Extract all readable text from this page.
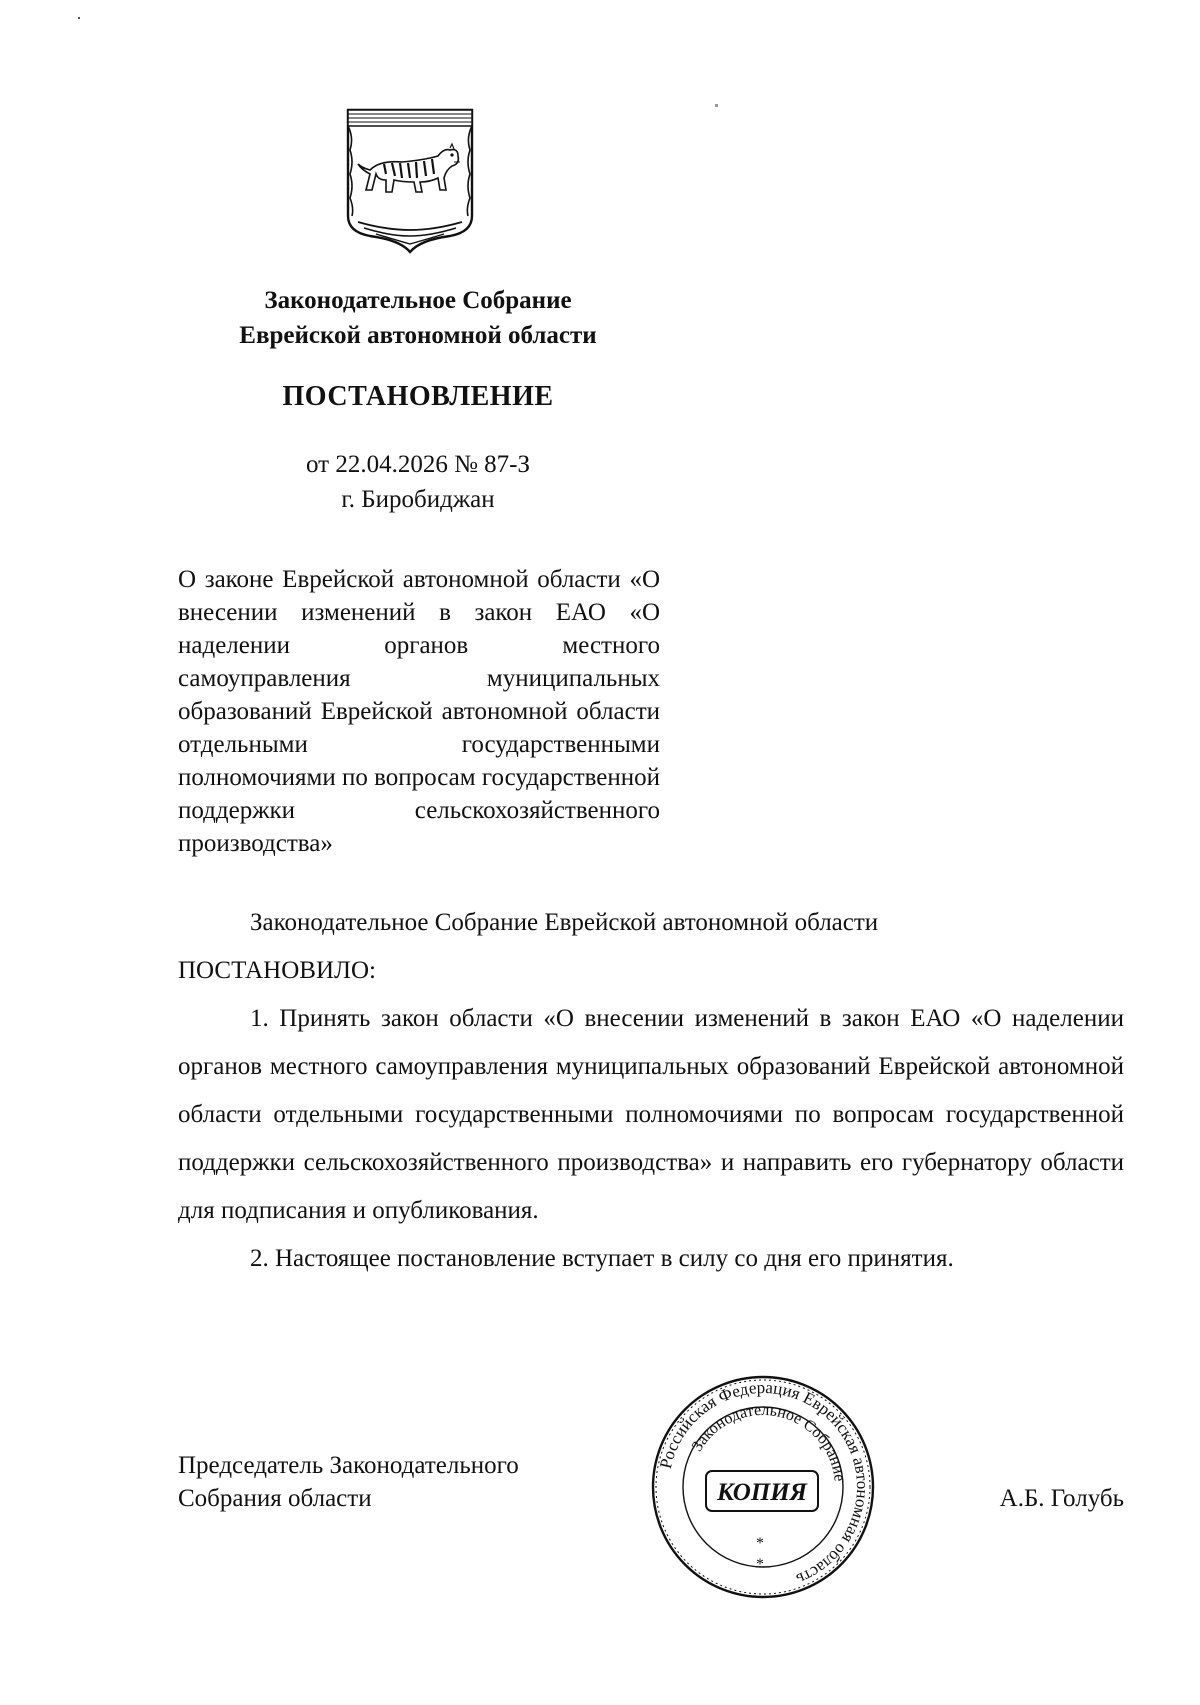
Законодательное Собрание
Еврейской автономной области
ПОСТАНОВЛЕНИЕ
от 22.04.2026 № 87-З
г. Биробиджан
О законе Еврейской автономной области «О внесении изменений в закон ЕАО «О наделении органов местного самоуправления муниципальных образований Еврейской автономной области отдельными государственными полномочиями по вопросам государственной поддержки сельскохозяйственного производства»

Законодательное Собрание Еврейской автономной области

ПОСТАНОВИЛО:

1. Принять закон области «О внесении изменений в закон ЕАО «О наделении органов местного самоуправления муниципальных образований Еврейской автономной области отдельными государственными полномочиями по вопросам государственной поддержки сельскохозяйственного производства» и направить его губернатору области для подписания и опубликования.

2. Настоящее постановление вступает в силу со дня его принятия.

Председатель Законодательного
Собрания области	А.Б. Голубь
Российская Федерация Еврейская автономная область
Законодательное Собрание
КОПИЯ
*
*
